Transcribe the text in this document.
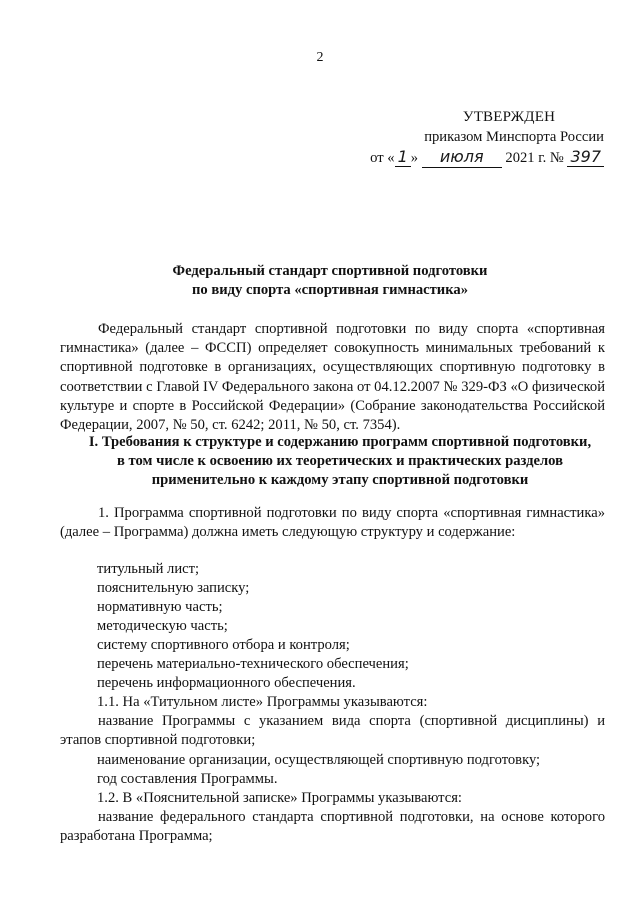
2
УТВЕРЖДЕН
приказом Минспорта России
от « 1 » июля 2021 г. № 397
Федеральный стандарт спортивной подготовки
по виду спорта «спортивная гимнастика»
Федеральный стандарт спортивной подготовки по виду спорта «спортивная гимнастика» (далее – ФССП) определяет совокупность минимальных требований к спортивной подготовке в организациях, осуществляющих спортивную подготовку в соответствии с Главой IV Федерального закона от 04.12.2007 № 329-ФЗ «О физической культуре и спорте в Российской Федерации» (Собрание законодательства Российской Федерации, 2007, № 50, ст. 6242; 2011, № 50, ст. 7354).
I. Требования к структуре и содержанию программ спортивной подготовки,
в том числе к освоению их теоретических и практических разделов
применительно к каждому этапу спортивной подготовки
1. Программа спортивной подготовки по виду спорта «спортивная гимнастика» (далее – Программа) должна иметь следующую структуру и содержание:
титульный лист;
пояснительную записку;
нормативную часть;
методическую часть;
систему спортивного отбора и контроля;
перечень материально-технического обеспечения;
перечень информационного обеспечения.
1.1. На «Титульном листе» Программы указываются:
название Программы с указанием вида спорта (спортивной дисциплины) и этапов спортивной подготовки;
наименование организации, осуществляющей спортивную подготовку;
год составления Программы.
1.2. В «Пояснительной записке» Программы указываются:
название федерального стандарта спортивной подготовки, на основе которого разработана Программа;
